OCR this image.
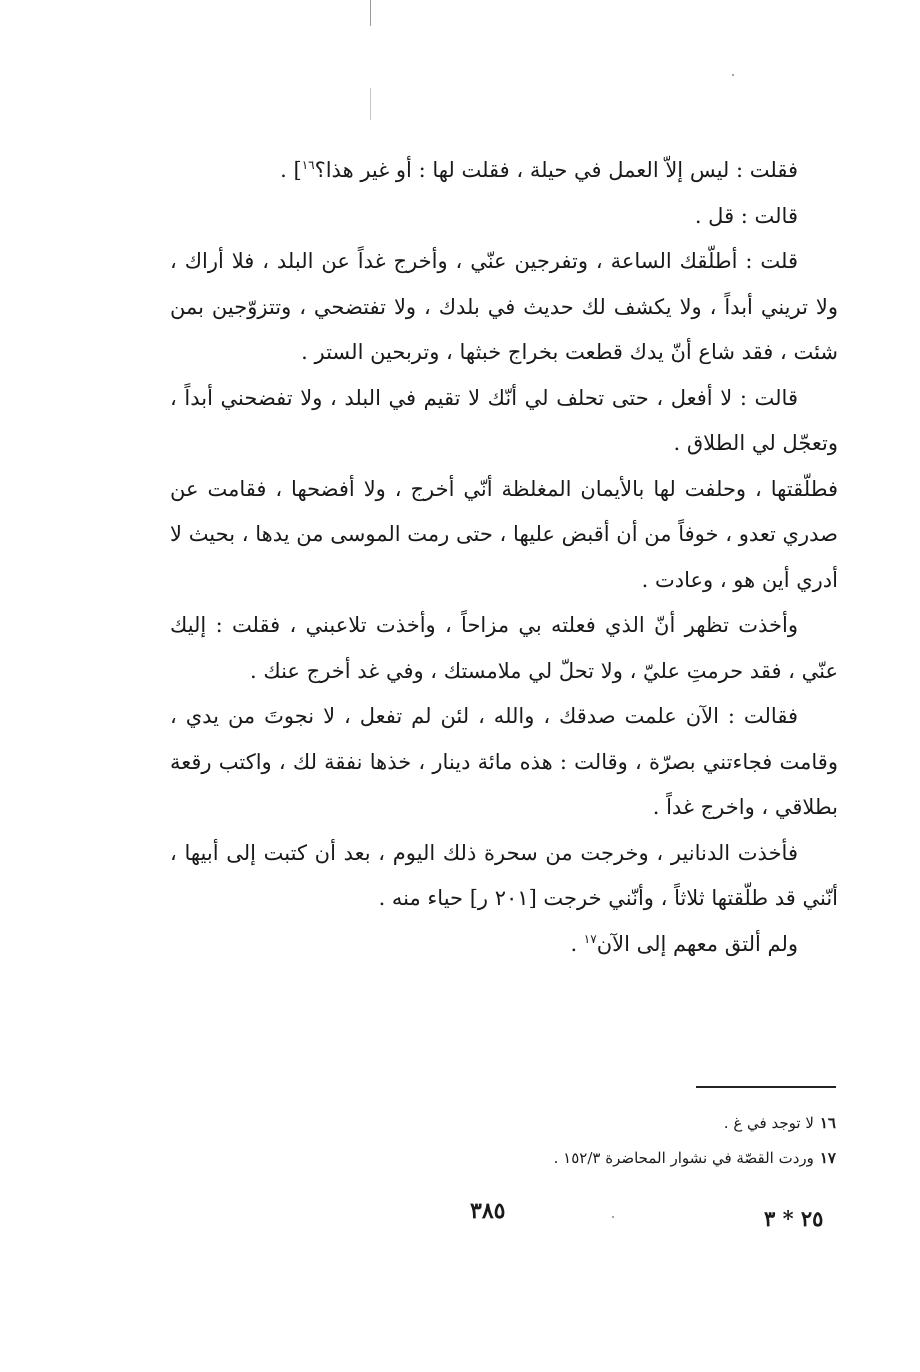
فقلت : ليس إلاّ العمل في حيلة ، فقلت لها : أو غير هذا؟$^{١٦}$] .

قالت : قل .

قلت : أطلّقك الساعة ، وتفرجين عنّي ، وأخرج غداً عن البلد ، فلا أراك ، ولا تريني أبداً ، ولا يكشف لك حديث في بلدك ، ولا تفتضحي ، وتتزوّجين بمن شئت ، فقد شاع أنّ يدك قطعت بخراج خبثها ، وتربحين الستر .

قالت : لا أفعل ، حتى تحلف لي أنّك لا تقيم في البلد ، ولا تفضحني أبداً ، وتعجّل لي الطلاق .

فطلّقتها ، وحلفت لها بالأيمان المغلظة أنّي أخرج ، ولا أفضحها ، فقامت عن صدري تعدو ، خوفاً من أن أقبض عليها ، حتى رمت الموسى من يدها ، بحيث لا أدري أين هو ، وعادت .

وأخذت تظهر أنّ الذي فعلته بي مزاحاً ، وأخذت تلاعبني ، فقلت : إليك عنّي ، فقد حرمتِ عليّ ، ولا تحلّ لي ملامستك ، وفي غد أخرج عنك .

فقالت : الآن علمت صدقك ، والله ، لئن لم تفعل ، لا نجوتَ من يدي ، وقامت فجاءتني بصرّة ، وقالت : هذه مائة دينار ، خذها نفقة لك ، واكتب رقعة بطلاقي ، واخرج غداً .

فأخذت الدنانير ، وخرجت من سحرة ذلك اليوم ، بعد أن كتبت إلى أبيها ، أنّني قد طلّقتها ثلاثاً ، وأنّني خرجت [٢٠١ ر] حياء منه .

ولم ألتق معهم إلى الآن$^{١٧}$ .

١٦لا توجد في غ .

١٧وردت القصّة في نشوار المحاضرة ١٥٢/٣ .

٣٨٥	٢٥ * ٣
